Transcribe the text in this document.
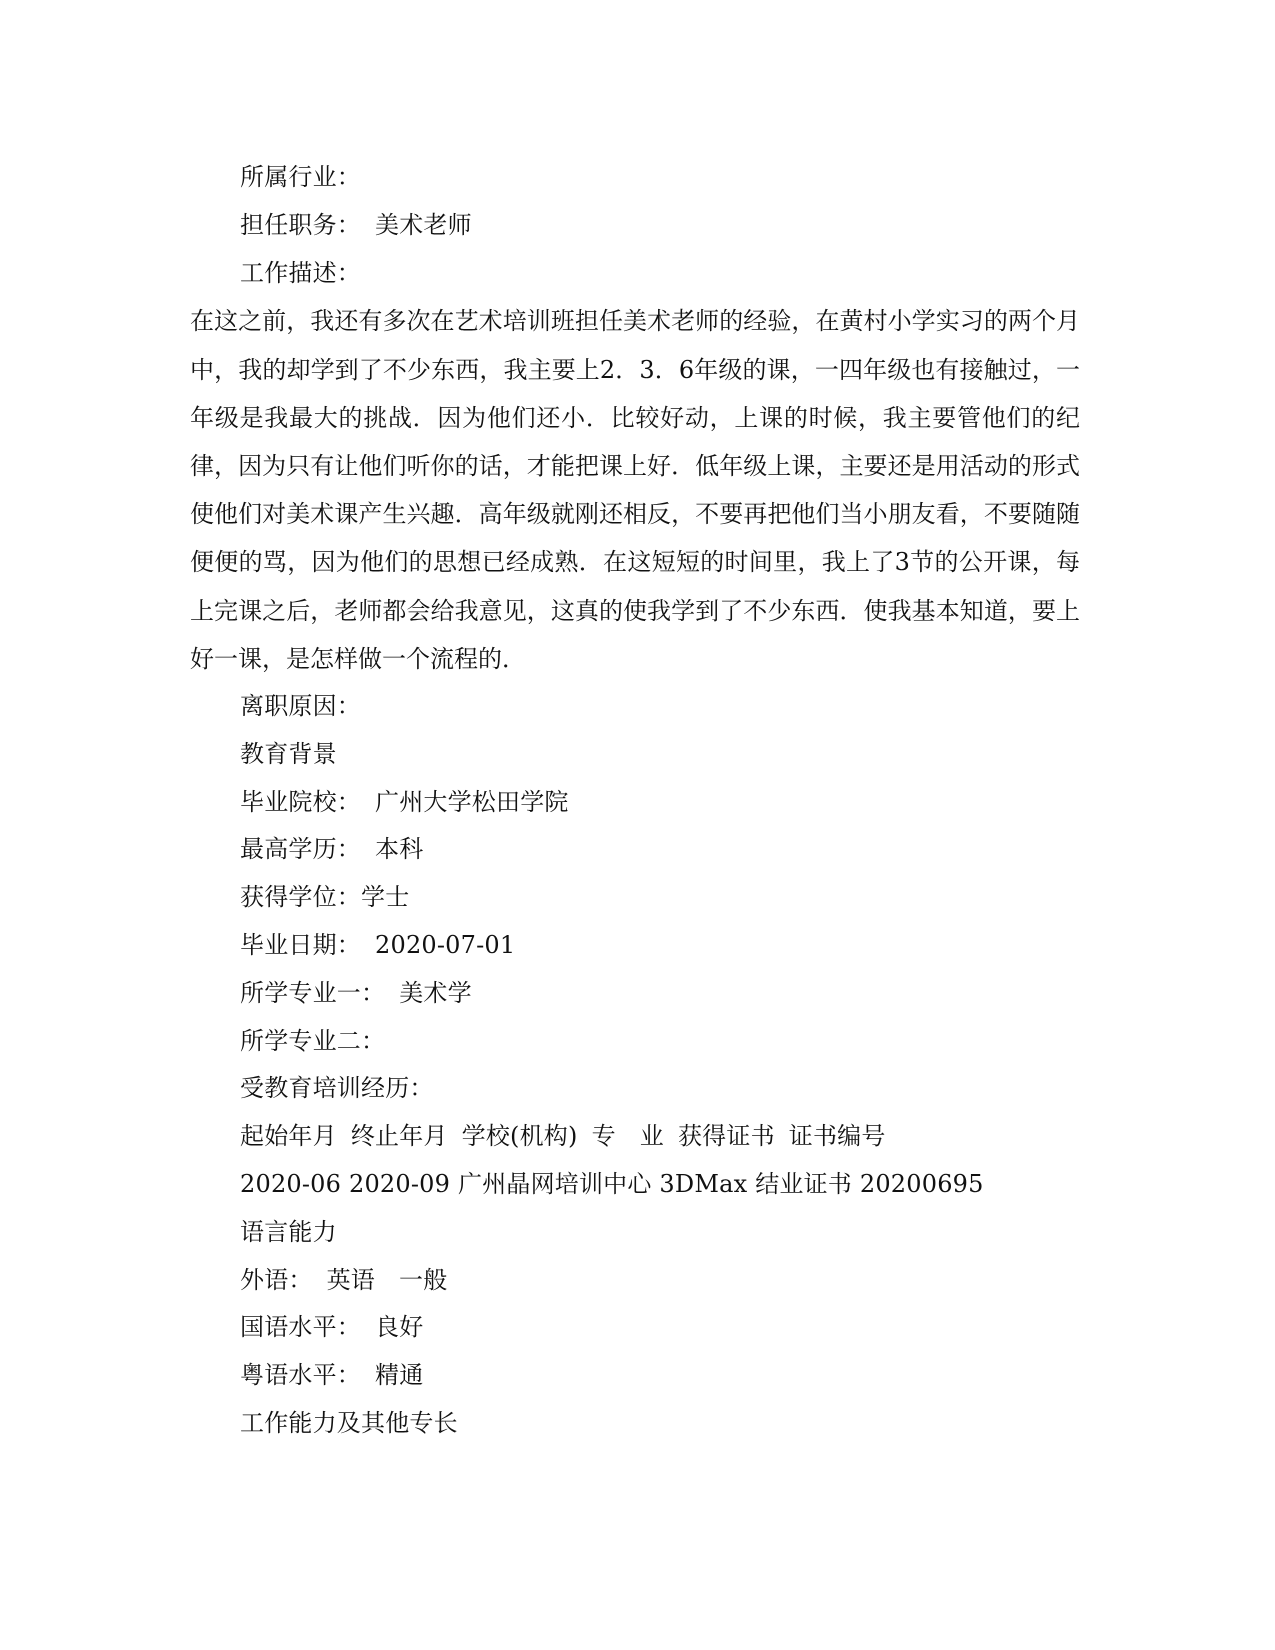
所属行业：
担任职务： 美术老师
工作描述：

在这之前，我还有多次在艺术培训班担任美术老师的经验，在黄村小学实习的两个月中，我的却学到了不少东西，我主要上2．3．6年级的课，一四年级也有接触过，一年级是我最大的挑战．因为他们还小．比较好动，上课的时候，我主要管他们的纪律，因为只有让他们听你的话，才能把课上好．低年级上课，主要还是用活动的形式使他们对美术课产生兴趣．高年级就刚还相反，不要再把他们当小朋友看，不要随随便便的骂，因为他们的思想已经成熟．在这短短的时间里，我上了3节的公开课，每上完课之后，老师都会给我意见，这真的使我学到了不少东西．使我基本知道，要上好一课，是怎样做一个流程的．

离职原因：
教育背景
毕业院校： 广州大学松田学院
最高学历： 本科
获得学位：学士
毕业日期： 2020-07-01
所学专业一： 美术学
所学专业二：
受教育培训经历：
起始年月 终止年月 学校(机构) 专 业 获得证书 证书编号
2020-06 2020-09 广州晶网培训中心 3DMax 结业证书 20200695
语言能力
外语： 英语 一般
国语水平： 良好
粤语水平： 精通
工作能力及其他专长
